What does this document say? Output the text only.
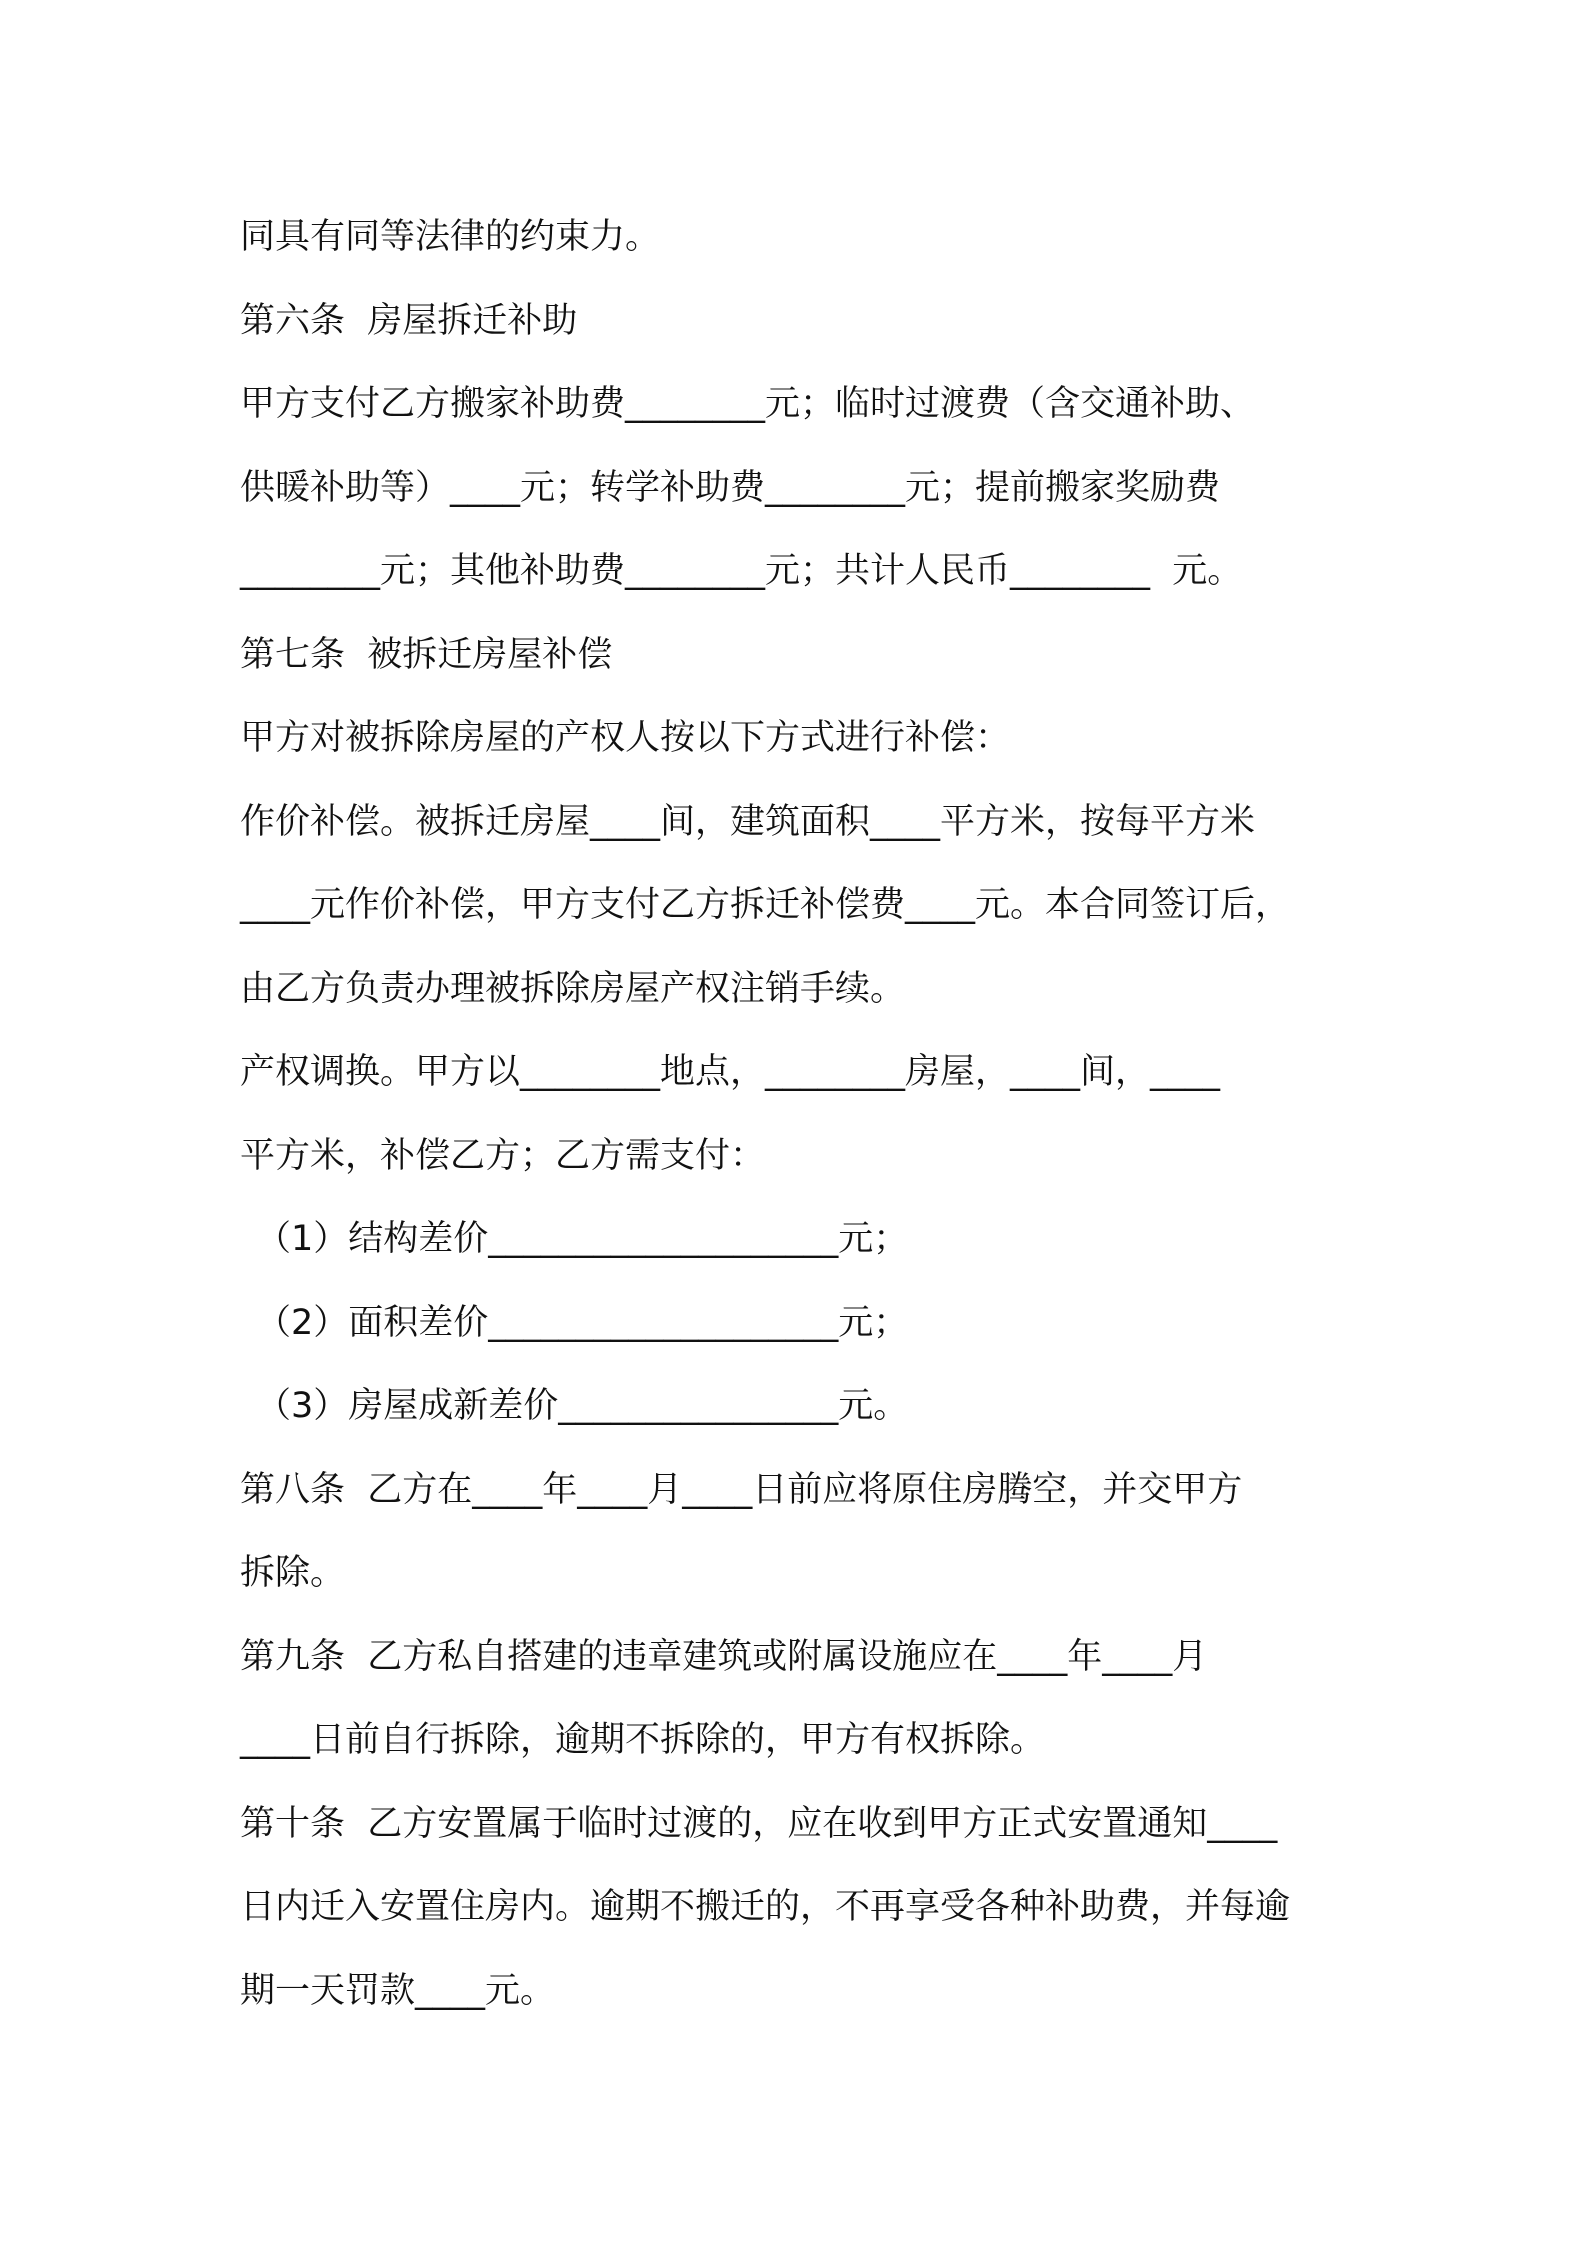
同具有同等法律的约束力。
第六条  房屋拆迁补助
甲方支付乙方搬家补助费________元；临时过渡费（含交通补助、
供暖补助等）____元；转学补助费________元；提前搬家奖励费
________元；其他补助费________元；共计人民币________  元。
第七条  被拆迁房屋补偿
甲方对被拆除房屋的产权人按以下方式进行补偿：
作价补偿。被拆迁房屋____间，建筑面积____平方米，按每平方米
____元作价补偿，甲方支付乙方拆迁补偿费____元。本合同签订后，
由乙方负责办理被拆除房屋产权注销手续。
产权调换。甲方以________地点，________房屋，____间，____
平方米，补偿乙方；乙方需支付：
（1）结构差价____________________元；
（2）面积差价____________________元；
（3）房屋成新差价________________元。
第八条  乙方在____年____月____日前应将原住房腾空，并交甲方
拆除。
第九条  乙方私自搭建的违章建筑或附属设施应在____年____月
____日前自行拆除，逾期不拆除的，甲方有权拆除。
第十条  乙方安置属于临时过渡的，应在收到甲方正式安置通知____
日内迁入安置住房内。逾期不搬迁的，不再享受各种补助费，并每逾
期一天罚款____元。
